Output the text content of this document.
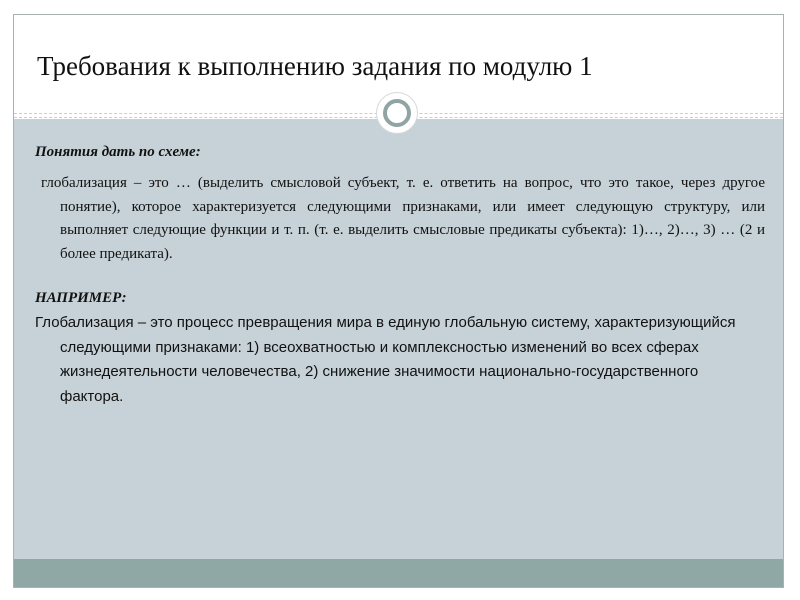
Требования к выполнению задания по модулю 1

Понятия дать по схеме:

глобализация – это … (выделить смысловой субъект, т. е. ответить на вопрос, что это такое, через другое понятие), которое характеризуется следующими признаками, или имеет следующую структуру, или выполняет следующие функции и т. п. (т. е. выделить смысловые предикаты субъекта): 1)…, 2)…, 3) … (2 и более предиката).

НАПРИМЕР:

Глобализация – это процесс превращения мира в единую глобальную систему, характеризующийся следующими признаками: 1) всеохватностью и комплексностью изменений во всех сферах жизнедеятельности человечества, 2) снижение значимости национально-государственного фактора.
